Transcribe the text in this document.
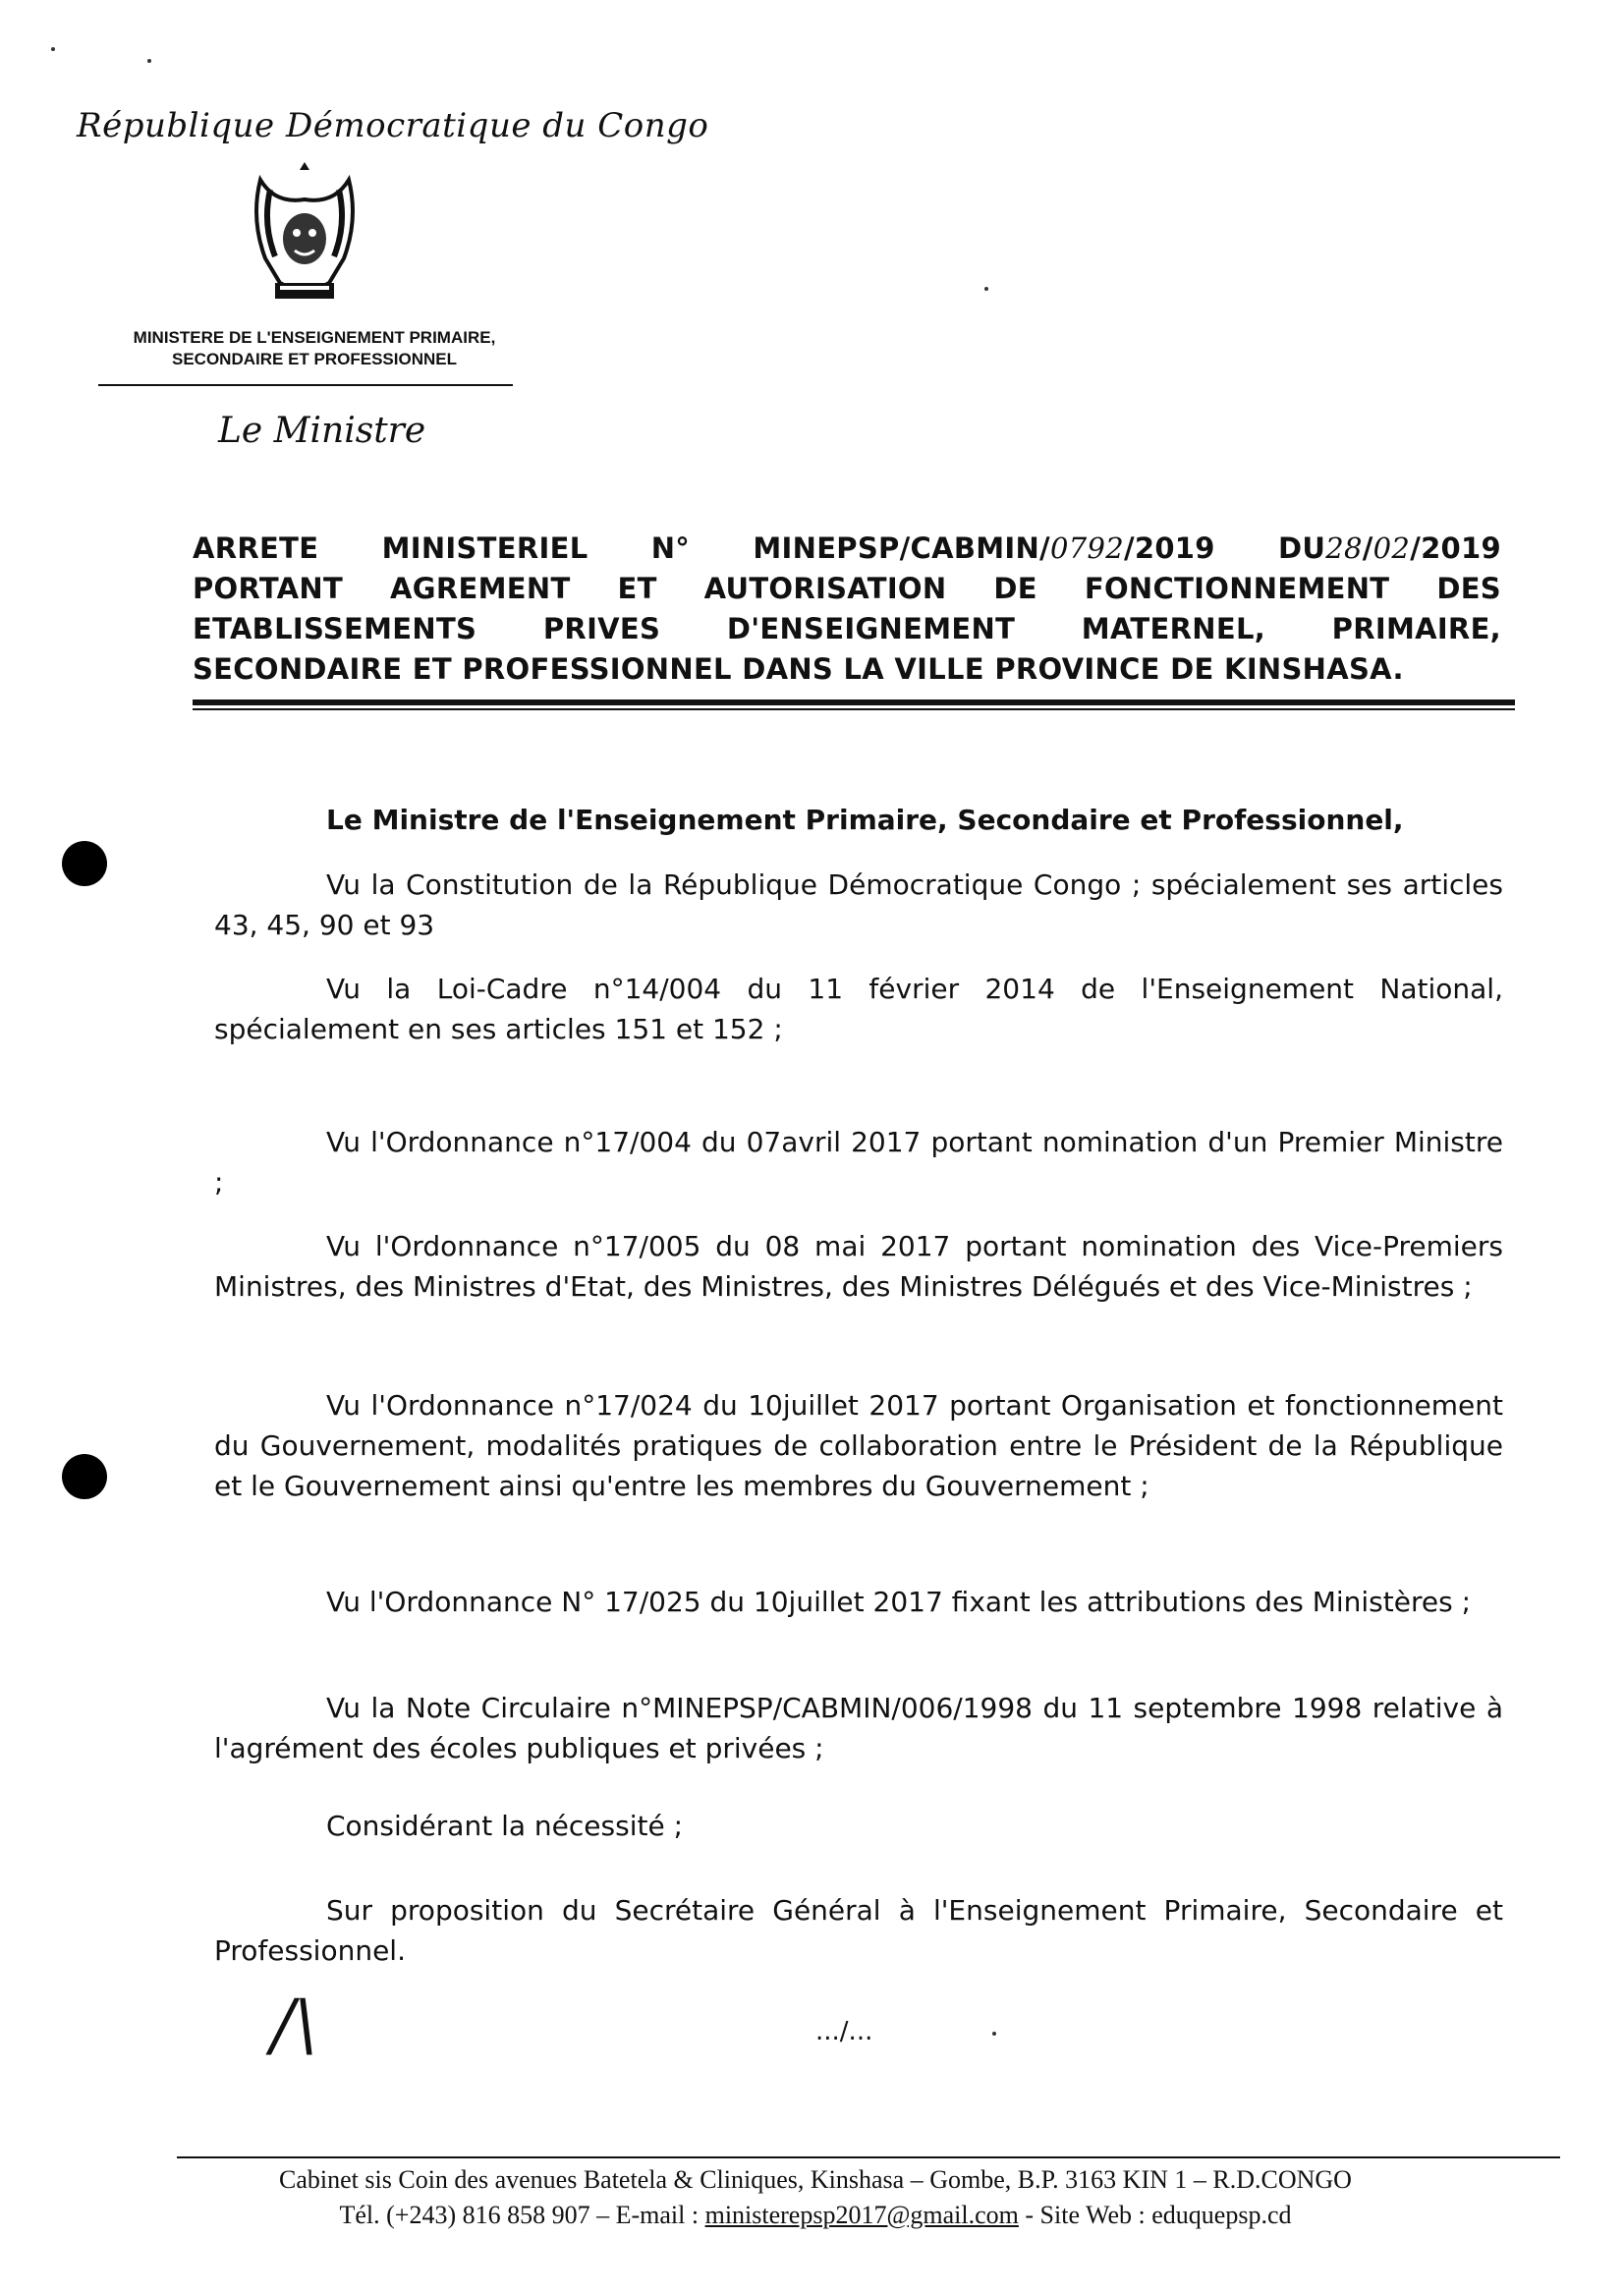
République Démocratique du Congo
MINISTERE DE L'ENSEIGNEMENT PRIMAIRE,
SECONDAIRE ET PROFESSIONNEL
Le Ministre
ARRETE MINISTERIEL N° MINEPSP/CABMIN/0792/2019 DU28/02/2019
PORTANT AGREMENT ET AUTORISATION DE FONCTIONNEMENT DES
ETABLISSEMENTS PRIVES D'ENSEIGNEMENT MATERNEL, PRIMAIRE,
SECONDAIRE ET PROFESSIONNEL DANS LA VILLE PROVINCE DE KINSHASA.
Le Ministre de l'Enseignement Primaire, Secondaire et Professionnel,
Vu la Constitution de la République Démocratique Congo ; spécialement ses articles 43, 45, 90 et 93
Vu la Loi-Cadre n°14/004 du 11 février 2014 de l'Enseignement National, spécialement en ses articles 151 et 152 ;
Vu l'Ordonnance n°17/004 du 07avril 2017 portant nomination d'un Premier Ministre ;
Vu l'Ordonnance n°17/005 du 08 mai 2017 portant nomination des Vice-Premiers Ministres, des Ministres d'Etat, des Ministres, des Ministres Délégués et des Vice-Ministres ;
Vu l'Ordonnance n°17/024 du 10juillet 2017 portant Organisation et fonctionnement du Gouvernement, modalités pratiques de collaboration entre le Président de la République et le Gouvernement ainsi qu'entre les membres du Gouvernement ;
Vu l'Ordonnance N° 17/025 du 10juillet 2017 fixant les attributions des Ministères ;
Vu la Note Circulaire n°MINEPSP/CABMIN/006/1998 du 11 septembre 1998 relative à l'agrément des écoles publiques et privées ;
Considérant la nécessité ;
Sur proposition du Secrétaire Général à l'Enseignement Primaire, Secondaire et Professionnel.
/\	.../...
Cabinet sis Coin des avenues Batetela & Cliniques, Kinshasa – Gombe, B.P. 3163 KIN 1 – R.D.CONGO
Tél. (+243) 816 858 907 – E-mail : ministerepsp2017@gmail.com - Site Web : eduquepsp.cd
